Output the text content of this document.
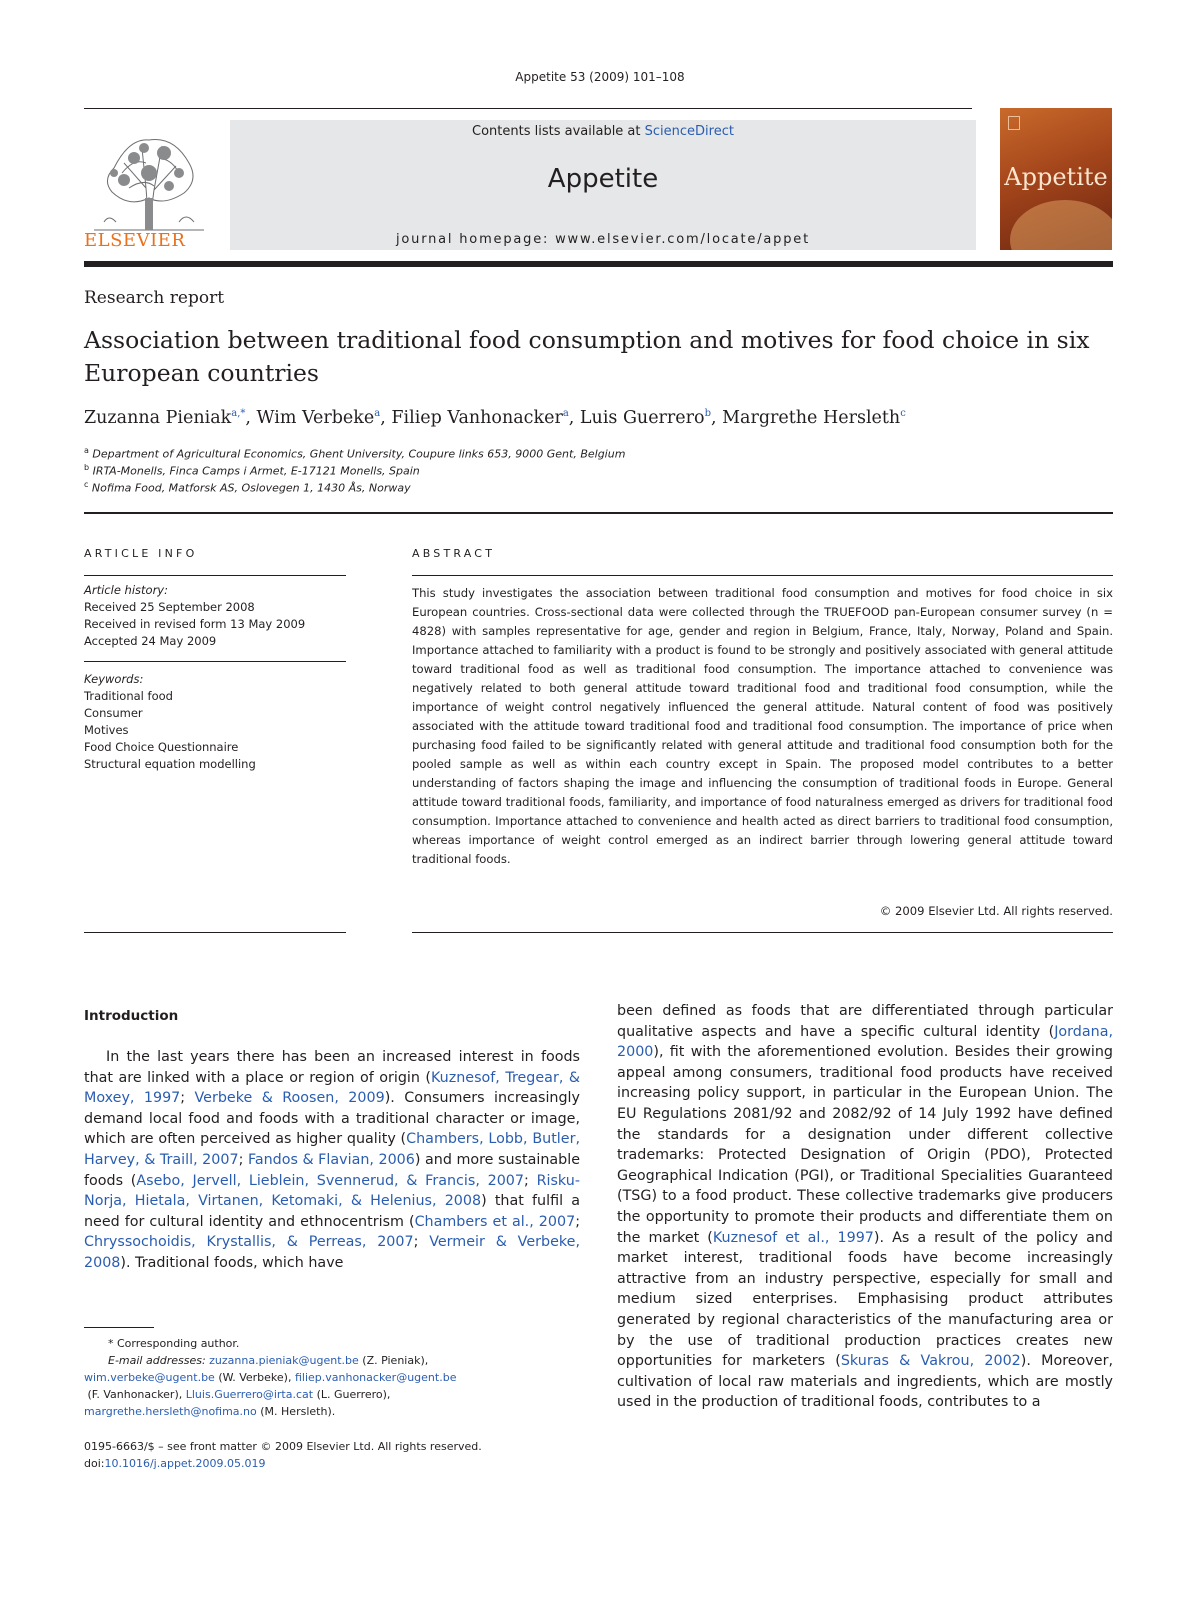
Appetite 53 (2009) 101–108
ELSEVIER
Contents lists available at ScienceDirect
Appetite
journal homepage: www.elsevier.com/locate/appet
Appetite
Research report
Association between traditional food consumption and motives for food choice in six European countries
Zuzanna Pieniak$^{a,*}$, Wim Verbeke$^a$, Filiep Vanhonacker$^a$, Luis Guerrero$^b$, Margrethe Hersleth$^c$
$^a$ Department of Agricultural Economics, Ghent University, Coupure links 653, 9000 Gent, Belgium
$^b$ IRTA-Monells, Finca Camps i Armet, E-17121 Monells, Spain
$^c$ Nofima Food, Matforsk AS, Oslovegen 1, 1430 Ås, Norway
ARTICLE INFO	ABSTRACT
Article history:
Received 25 September 2008
Received in revised form 13 May 2009
Accepted 24 May 2009
Keywords:
Traditional food
Consumer
Motives
Food Choice Questionnaire
Structural equation modelling
This study investigates the association between traditional food consumption and motives for food choice in six European countries. Cross-sectional data were collected through the TRUEFOOD pan-European consumer survey (n = 4828) with samples representative for age, gender and region in Belgium, France, Italy, Norway, Poland and Spain. Importance attached to familiarity with a product is found to be strongly and positively associated with general attitude toward traditional food as well as traditional food consumption. The importance attached to convenience was negatively related to both general attitude toward traditional food and traditional food consumption, while the importance of weight control negatively influenced the general attitude. Natural content of food was positively associated with the attitude toward traditional food and traditional food consumption. The importance of price when purchasing food failed to be significantly related with general attitude and traditional food consumption both for the pooled sample as well as within each country except in Spain. The proposed model contributes to a better understanding of factors shaping the image and influencing the consumption of traditional foods in Europe. General attitude toward traditional foods, familiarity, and importance of food naturalness emerged as drivers for traditional food consumption. Importance attached to convenience and health acted as direct barriers to traditional food consumption, whereas importance of weight control emerged as an indirect barrier through lowering general attitude toward traditional foods.
© 2009 Elsevier Ltd. All rights reserved.
Introduction

In the last years there has been an increased interest in foods that are linked with a place or region of origin (Kuznesof, Tregear, & Moxey, 1997; Verbeke & Roosen, 2009). Consumers increasingly demand local food and foods with a traditional character or image, which are often perceived as higher quality (Chambers, Lobb, Butler, Harvey, & Traill, 2007; Fandos & Flavian, 2006) and more sustainable foods (Asebo, Jervell, Lieblein, Svennerud, & Francis, 2007; Risku-Norja, Hietala, Virtanen, Ketomaki, & Helenius, 2008) that fulfil a need for cultural identity and ethnocentrism (Chambers et al., 2007; Chryssochoidis, Krystallis, & Perreas, 2007; Vermeir & Verbeke, 2008). Traditional foods, which have

been defined as foods that are differentiated through particular qualitative aspects and have a specific cultural identity (Jordana, 2000), fit with the aforementioned evolution. Besides their growing appeal among consumers, traditional food products have received increasing policy support, in particular in the European Union. The EU Regulations 2081/92 and 2082/92 of 14 July 1992 have defined the standards for a designation under different collective trademarks: Protected Designation of Origin (PDO), Protected Geographical Indication (PGI), or Traditional Specialities Guaranteed (TSG) to a food product. These collective trademarks give producers the opportunity to promote their products and differentiate them on the market (Kuznesof et al., 1997). As a result of the policy and market interest, traditional foods have become increasingly attractive from an industry perspective, especially for small and medium sized enterprises. Emphasising product attributes generated by regional characteristics of the manufacturing area or by the use of traditional production practices creates new opportunities for marketers (Skuras & Vakrou, 2002). Moreover, cultivation of local raw materials and ingredients, which are mostly used in the production of traditional foods, contributes to a
* Corresponding author.
E-mail addresses: zuzanna.pieniak@ugent.be (Z. Pieniak),
wim.verbeke@ugent.be (W. Verbeke), filiep.vanhonacker@ugent.be
(F. Vanhonacker), Lluis.Guerrero@irta.cat (L. Guerrero),
margrethe.hersleth@nofima.no (M. Hersleth).
0195-6663/$ – see front matter © 2009 Elsevier Ltd. All rights reserved.
doi:10.1016/j.appet.2009.05.019
